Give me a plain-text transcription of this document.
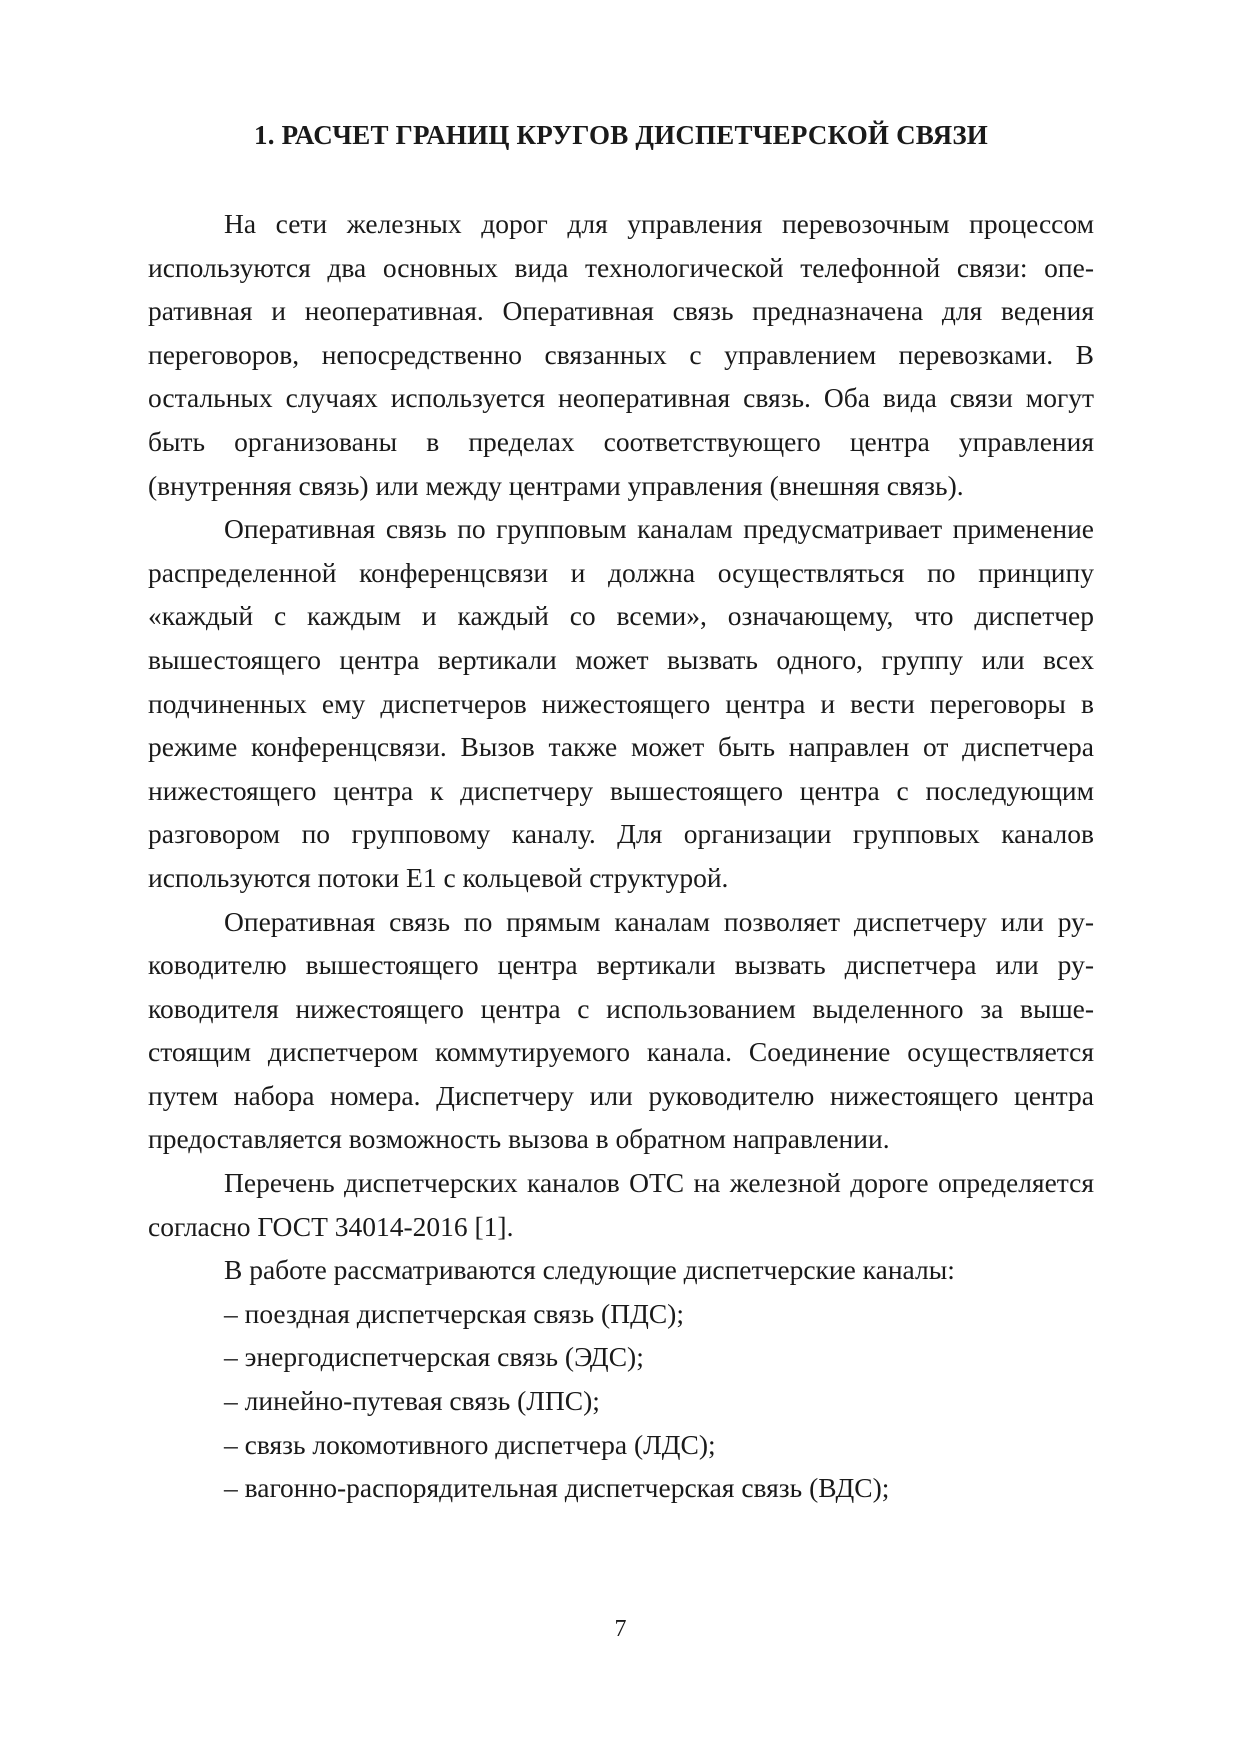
1. РАСЧЕТ ГРАНИЦ КРУГОВ ДИСПЕТЧЕРСКОЙ СВЯЗИ

На сети железных дорог для управления перевозочным процессом используются два основных вида технологической телефонной связи: оперативная и неоперативная. Оперативная связь предназначена для ведения переговоров, непосредственно связанных с управлением перевозками. В остальных случаях используется неоперативная связь. Оба вида связи могут быть организованы в пределах соответствующего центра управления (внутренняя связь) или между центрами управления (внешняя связь).

Оперативная связь по групповым каналам предусматривает применение распределенной конференцсвязи и должна осуществляться по принципу «каждый с каждым и каждый со всеми», означающему, что диспетчер вышестоящего центра вертикали может вызвать одного, группу или всех подчиненных ему диспетчеров нижестоящего центра и вести переговоры в режиме конференцсвязи. Вызов также может быть направлен от диспетчера нижестоящего центра к диспетчеру вышестоящего центра с последующим разговором по групповому каналу. Для организации групповых каналов используются потоки Е1 с кольцевой структурой.

Оперативная связь по прямым каналам позволяет диспетчеру или руководителю вышестоящего центра вертикали вызвать диспетчера или руководителя нижестоящего центра с использованием выделенного за вышестоящим диспетчером коммутируемого канала. Соединение осуществляется путем набора номера. Диспетчеру или руководителю нижестоящего центра предоставляется возможность вызова в обратном направлении.

Перечень диспетчерских каналов ОТС на железной дороге определяется согласно ГОСТ 34014-2016 [1].

В работе рассматриваются следующие диспетчерские каналы:

– поездная диспетчерская связь (ПДС);
– энергодиспетчерская связь (ЭДС);
– линейно-путевая связь (ЛПС);
– связь локомотивного диспетчера (ЛДС);
– вагонно-распорядительная диспетчерская связь (ВДС);
7
